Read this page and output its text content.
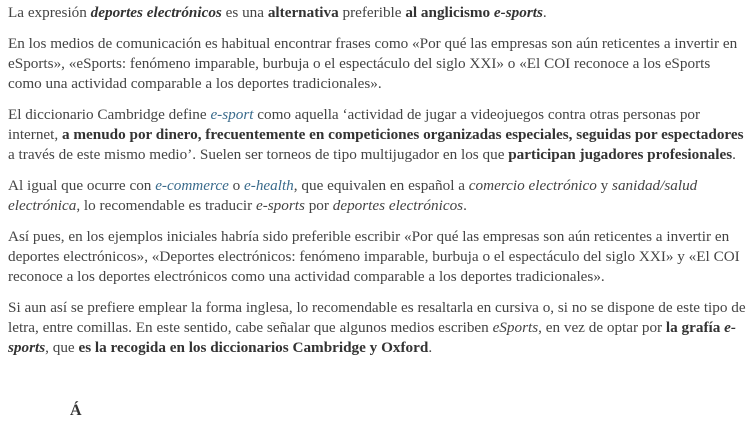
La expresión deportes electrónicos es una alternativa preferible al anglicismo e-sports.

En los medios de comunicación es habitual encontrar frases como «Por qué las empresas son aún reticentes a invertir en eSports», «eSports: fenómeno imparable, burbuja o el espectáculo del siglo XXI» o «El COI reconoce a los eSports como una actividad comparable a los deportes tradicionales».

El diccionario Cambridge define e-sport como aquella ‘actividad de jugar a videojuegos contra otras personas por internet, a menudo por dinero, frecuentemente en competiciones organizadas especiales, seguidas por espectadores a través de este mismo medio’. Suelen ser torneos de tipo multijugador en los que participan jugadores profesionales.

Al igual que ocurre con e-commerce o e-health, que equivalen en español a comercio electrónico y sanidad/salud electrónica, lo recomendable es traducir e-sports por deportes electrónicos.

Así pues, en los ejemplos iniciales habría sido preferible escribir «Por qué las empresas son aún reticentes a invertir en deportes electrónicos», «Deportes electrónicos: fenómeno imparable, burbuja o el espectáculo del siglo XXI» y «El COI reconoce a los deportes electrónicos como una actividad comparable a los deportes tradicionales».

Si aun así se prefiere emplear la forma inglesa, lo recomendable es resaltarla en cursiva o, si no se dispone de este tipo de letra, entre comillas. En este sentido, cabe señalar que algunos medios escriben eSports, en vez de optar por la grafía e-sports, que es la recogida en los diccionarios Cambridge y Oxford.

Á
